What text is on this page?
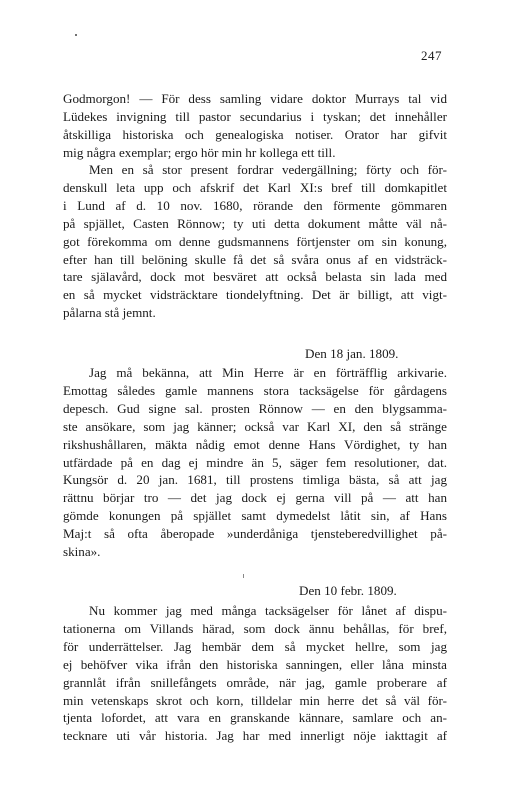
247
Godmorgon! — För dess samling vidare doktor Murrays tal vid
Lüdekes invigning till pastor secundarius i tyskan; det innehåller
åtskilliga historiska och genealogiska notiser. Orator har gifvit
mig några exemplar; ergo hör min hr kollega ett till.
Men en så stor present fordrar vedergällning; förty och för-
denskull leta upp och afskrif det Karl XI:s bref till domkapitlet
i Lund af d. 10 nov. 1680, rörande den förmente gömmaren
på spjället, Casten Rönnow; ty uti detta dokument måtte väl nå-
got förekomma om denne gudsmannens förtjenster om sin konung,
efter han till belöning skulle få det så svåra onus af en vidsträck-
tare själavård, dock mot besväret att också belasta sin lada med
en så mycket vidsträcktare tiondelyftning. Det är billigt, att vigt-
pålarna stå jemnt.
Den 18 jan. 1809.
Jag må bekänna, att Min Herre är en förträfflig arkivarie.
Emottag således gamle mannens stora tacksägelse för gårdagens
depesch. Gud signe sal. prosten Rönnow — en den blygsamma-
ste ansökare, som jag känner; också var Karl XI, den så stränge
rikshushållaren, mäkta nådig emot denne Hans Vördighet, ty han
utfärdade på en dag ej mindre än 5, säger fem resolutioner, dat.
Kungsör d. 20 jan. 1681, till prostens timliga bästa, så att jag
rättnu börjar tro — det jag dock ej gerna vill på — att han
gömde konungen på spjället samt dymedelst låtit sin, af Hans
Maj:t så ofta åberopade »underdåniga tjensteberedvillighet på-
skina».
Den 10 febr. 1809.
Nu kommer jag med många tacksägelser för lånet af dispu-
tationerna om Villands härad, som dock ännu behållas, för bref,
för underrättelser. Jag hembär dem så mycket hellre, som jag
ej behöfver vika ifrån den historiska sanningen, eller låna minsta
grannlåt ifrån snillefångets område, när jag, gamle proberare af
min vetenskaps skrot och korn, tilldelar min herre det så väl för-
tjenta lofordet, att vara en granskande kännare, samlare och an-
tecknare uti vår historia. Jag har med innerligt nöje iakttagit af
